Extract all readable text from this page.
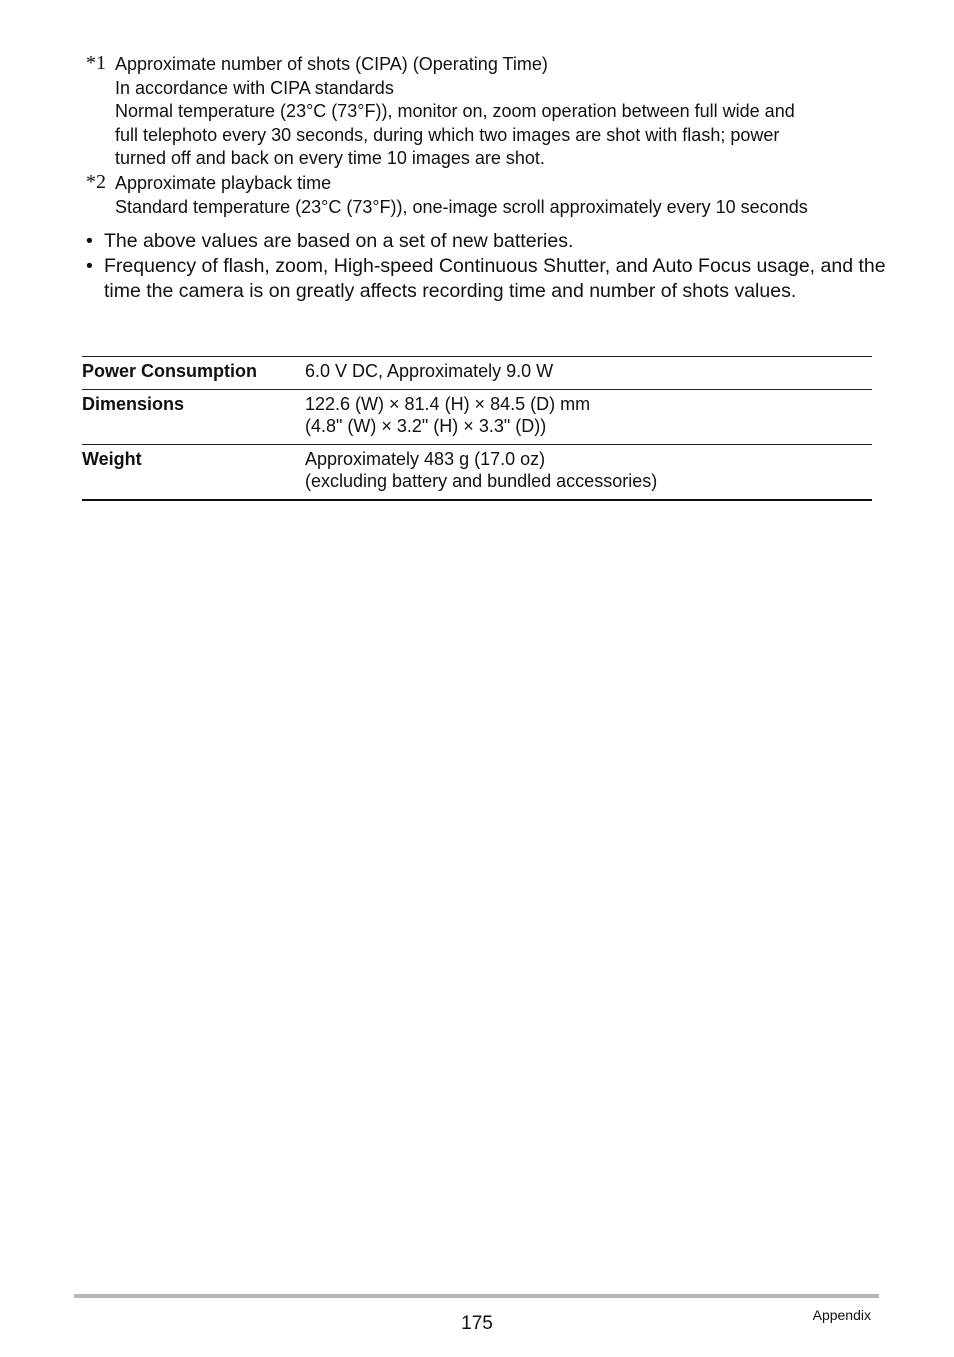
*1 Approximate number of shots (CIPA) (Operating Time)
In accordance with CIPA standards
Normal temperature (23°C (73°F)), monitor on, zoom operation between full wide and
full telephoto every 30 seconds, during which two images are shot with flash; power
turned off and back on every time 10 images are shot.
*2 Approximate playback time
Standard temperature (23°C (73°F)), one-image scroll approximately every 10 seconds
• The above values are based on a set of new batteries.
• Frequency of flash, zoom, High-speed Continuous Shutter, and Auto Focus usage, and the time the camera is on greatly affects recording time and number of shots values.
Power Consumption	6.0 V DC, Approximately 9.0 W

Dimensions	122.6 (W) × 81.4 (H) × 84.5 (D) mm
(4.8" (W) × 3.2" (H) × 3.3" (D))

Weight	Approximately 483 g (17.0 oz)
(excluding battery and bundled accessories)
175	Appendix
